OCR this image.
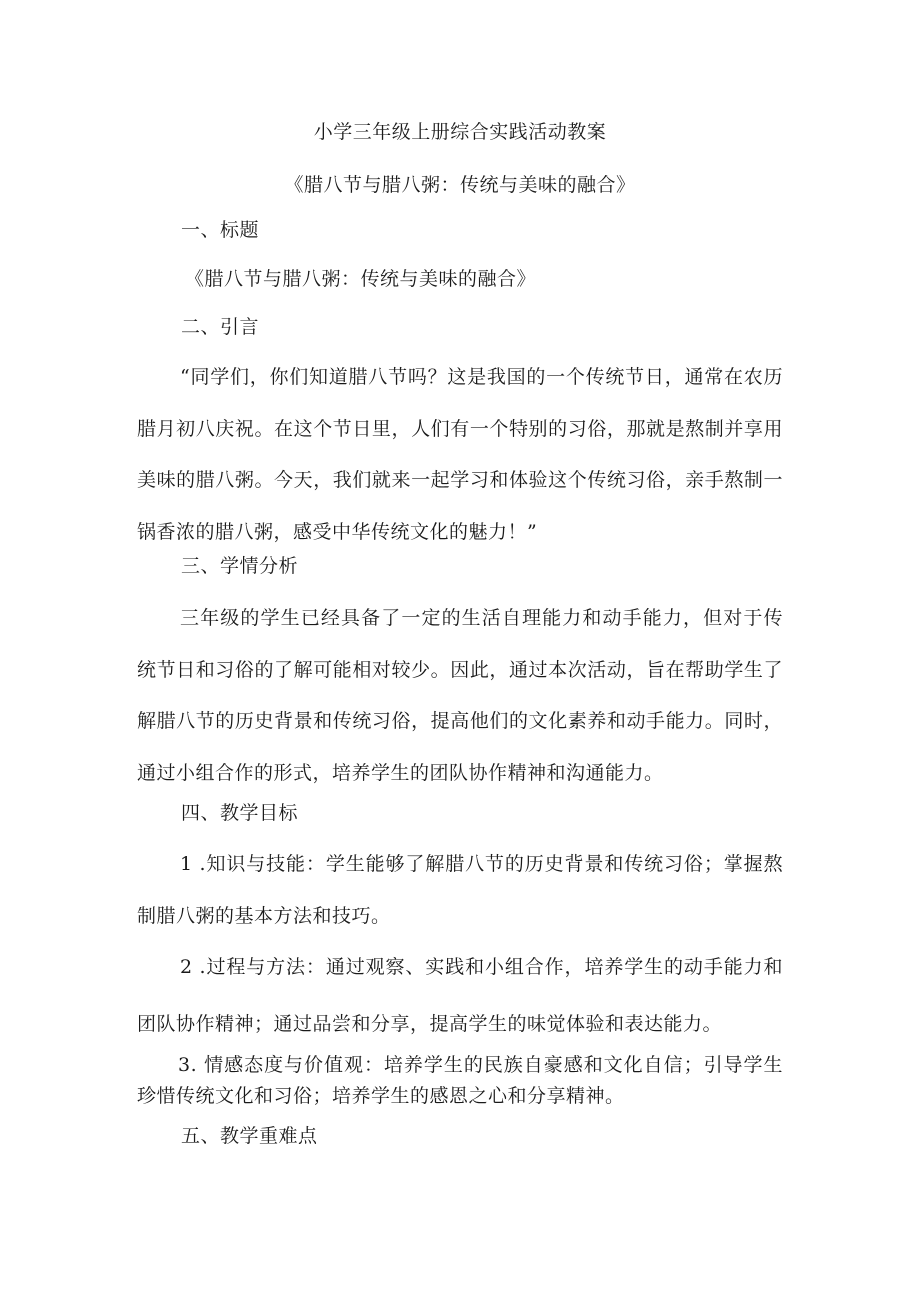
小学三年级上册综合实践活动教案
《腊八节与腊八粥：传统与美味的融合》
一、标题
《腊八节与腊八粥：传统与美味的融合》
二、引言
“同学们，你们知道腊八节吗？这是我国的一个传统节日，通常在农历腊月初八庆祝。在这个节日里，人们有一个特别的习俗，那就是熬制并享用美味的腊八粥。今天，我们就来一起学习和体验这个传统习俗，亲手熬制一锅香浓的腊八粥，感受中华传统文化的魅力！”
三、学情分析
三年级的学生已经具备了一定的生活自理能力和动手能力，但对于传统节日和习俗的了解可能相对较少。因此，通过本次活动，旨在帮助学生了解腊八节的历史背景和传统习俗，提高他们的文化素养和动手能力。同时，通过小组合作的形式，培养学生的团队协作精神和沟通能力。
四、教学目标
1 .知识与技能：学生能够了解腊八节的历史背景和传统习俗；掌握熬制腊八粥的基本方法和技巧。
2 .过程与方法：通过观察、实践和小组合作，培养学生的动手能力和团队协作精神；通过品尝和分享，提高学生的味觉体验和表达能力。
3. 情感态度与价值观：培养学生的民族自豪感和文化自信；引导学生珍惜传统文化和习俗；培养学生的感恩之心和分享精神。
五、教学重难点
